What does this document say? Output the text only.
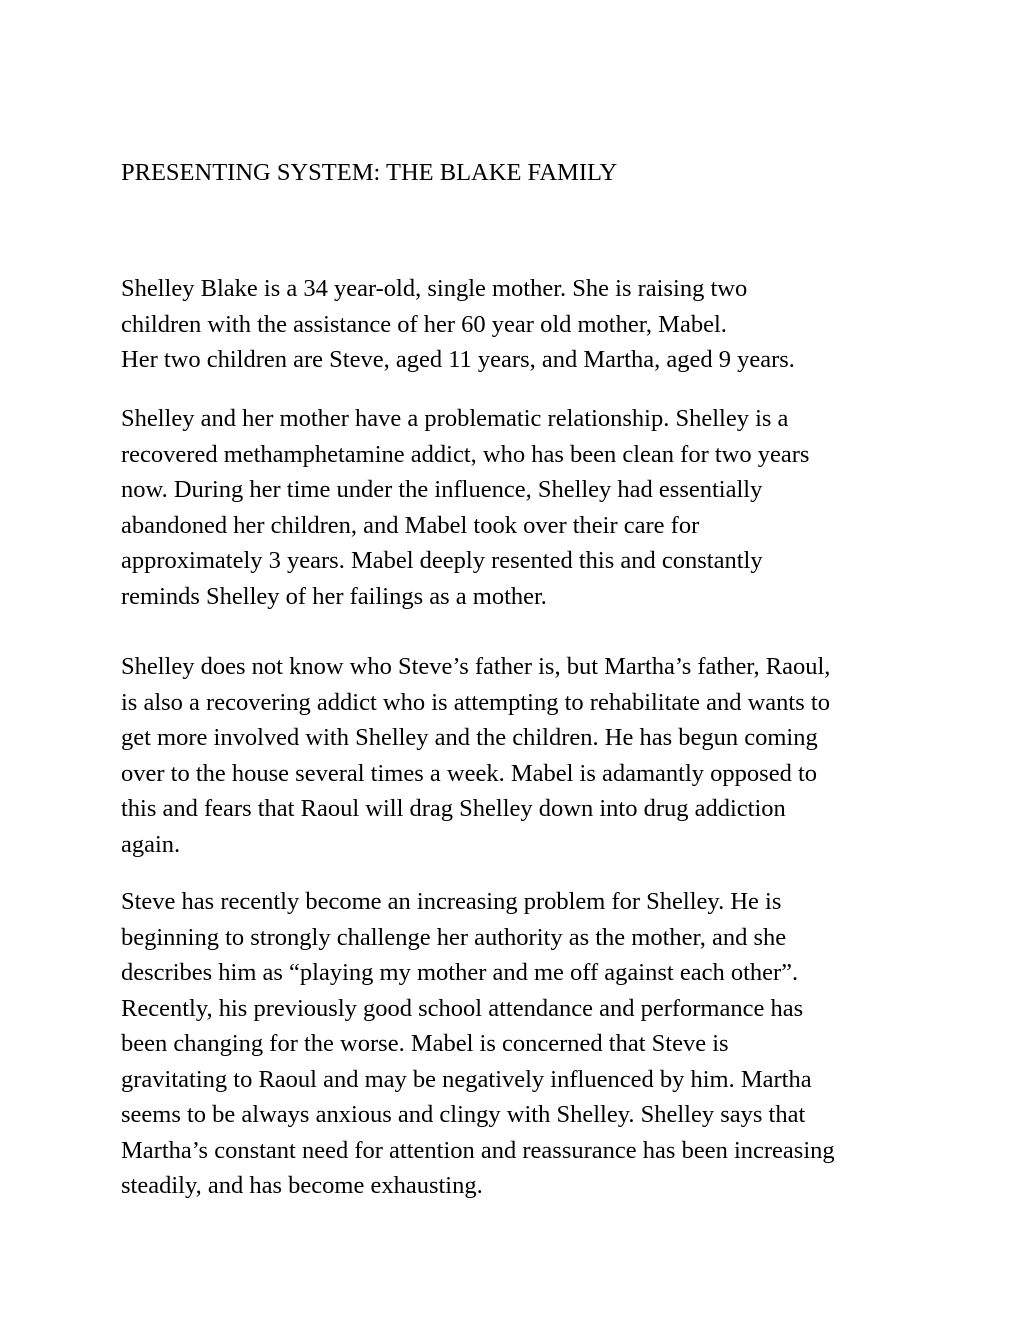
PRESENTING SYSTEM: THE BLAKE FAMILY
Shelley Blake is a 34 year-old, single mother. She is raising two
children with the assistance of her 60 year old mother, Mabel.
Her two children are Steve, aged 11 years, and Martha, aged 9 years.
Shelley and her mother have a problematic relationship. Shelley is a
recovered methamphetamine addict, who has been clean for two years
now. During her time under the influence, Shelley had essentially
abandoned her children, and Mabel took over their care for
approximately 3 years. Mabel deeply resented this and constantly
reminds Shelley of her failings as a mother.
Shelley does not know who Steve’s father is, but Martha’s father, Raoul,
is also a recovering addict who is attempting to rehabilitate and wants to
get more involved with Shelley and the children. He has begun coming
over to the house several times a week. Mabel is adamantly opposed to
this and fears that Raoul will drag Shelley down into drug addiction
again.
Steve has recently become an increasing problem for Shelley. He is
beginning to strongly challenge her authority as the mother, and she
describes him as “playing my mother and me off against each other”.
Recently, his previously good school attendance and performance has
been changing for the worse. Mabel is concerned that Steve is
gravitating to Raoul and may be negatively influenced by him. Martha
seems to be always anxious and clingy with Shelley. Shelley says that
Martha’s constant need for attention and reassurance has been increasing
steadily, and has become exhausting.
